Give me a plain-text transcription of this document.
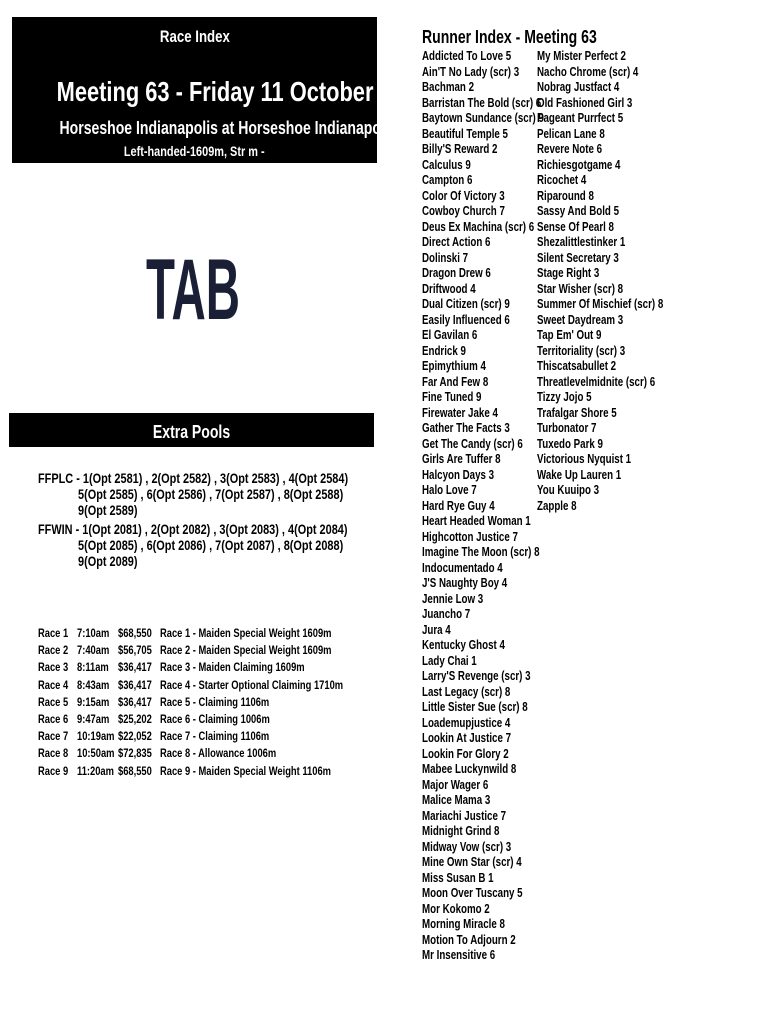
Race Index
Meeting 63 - Friday 11 October
Horseshoe Indianapolis at Horseshoe Indianapolis
Left-handed-1609m, Str m -
TAB
Extra Pools
FFPLC - 1(Opt 2581) , 2(Opt 2582) , 3(Opt 2583) , 4(Opt 2584)
5(Opt 2585) , 6(Opt 2586) , 7(Opt 2587) , 8(Opt 2588)
9(Opt 2589)
FFWIN - 1(Opt 2081) , 2(Opt 2082) , 3(Opt 2083) , 4(Opt 2084)
5(Opt 2085) , 6(Opt 2086) , 7(Opt 2087) , 8(Opt 2088)
9(Opt 2089)
Race 1 7:10am $68,550 Race 1 - Maiden Special Weight 1609m
Race 2 7:40am $56,705 Race 2 - Maiden Special Weight 1609m
Race 3 8:11am $36,417 Race 3 - Maiden Claiming 1609m
Race 4 8:43am $36,417 Race 4 - Starter Optional Claiming 1710m
Race 5 9:15am $36,417 Race 5 - Claiming 1106m
Race 6 9:47am $25,202 Race 6 - Claiming 1006m
Race 7 10:19am $22,052 Race 7 - Claiming 1106m
Race 8 10:50am $72,835 Race 8 - Allowance 1006m
Race 9 11:20am $68,550 Race 9 - Maiden Special Weight 1106m
Runner Index - Meeting 63
Addicted To Love 5
Ain'T No Lady (scr) 3
Bachman 2
Barristan The Bold (scr) 6
Baytown Sundance (scr) 9
Beautiful Temple 5
Billy'S Reward 2
Calculus 9
Campton 6
Color Of Victory 3
Cowboy Church 7
Deus Ex Machina (scr) 6
Direct Action 6
Dolinski 7
Dragon Drew 6
Driftwood 4
Dual Citizen (scr) 9
Easily Influenced 6
El Gavilan 6
Endrick 9
Epimythium 4
Far And Few 8
Fine Tuned 9
Firewater Jake 4
Gather The Facts 3
Get The Candy (scr) 6
Girls Are Tuffer 8
Halcyon Days 3
Halo Love 7
Hard Rye Guy 4
Heart Headed Woman 1
Highcotton Justice 7
Imagine The Moon (scr) 8
Indocumentado 4
J'S Naughty Boy 4
Jennie Low 3
Juancho 7
Jura 4
Kentucky Ghost 4
Lady Chai 1
Larry'S Revenge (scr) 3
Last Legacy (scr) 8
Little Sister Sue (scr) 8
Loademupjustice 4
Lookin At Justice 7
Lookin For Glory 2
Mabee Luckynwild 8
Major Wager 6
Malice Mama 3
Mariachi Justice 7
Midnight Grind 8
Midway Vow (scr) 3
Mine Own Star (scr) 4
Miss Susan B 1
Moon Over Tuscany 5
Mor Kokomo 2
Morning Miracle 8
Motion To Adjourn 2
Mr Insensitive 6
My Mister Perfect 2
Nacho Chrome (scr) 4
Nobrag Justfact 4
Old Fashioned Girl 3
Pageant Purrfect 5
Pelican Lane 8
Revere Note 6
Richiesgotgame 4
Ricochet 4
Riparound 8
Sassy And Bold 5
Sense Of Pearl 8
Shezalittlestinker 1
Silent Secretary 3
Stage Right 3
Star Wisher (scr) 8
Summer Of Mischief (scr) 8
Sweet Daydream 3
Tap Em' Out 9
Territoriality (scr) 3
Thiscatsabullet 2
Threatlevelmidnite (scr) 6
Tizzy Jojo 5
Trafalgar Shore 5
Turbonator 7
Tuxedo Park 9
Victorious Nyquist 1
Wake Up Lauren 1
You Kuuipo 3
Zapple 8
